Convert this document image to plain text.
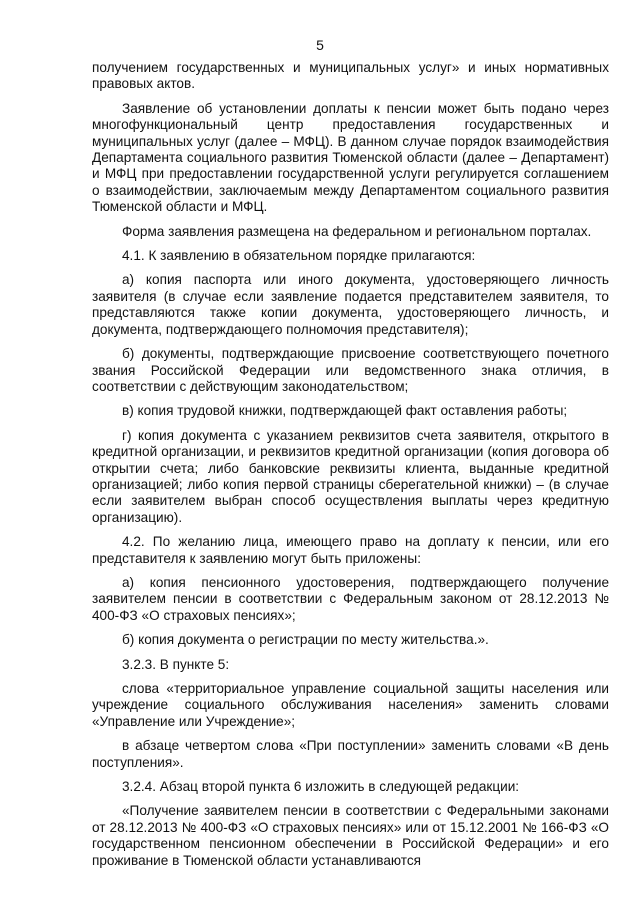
5

получением государственных и муниципальных услуг» и иных нормативных правовых актов.

Заявление об установлении доплаты к пенсии может быть подано через многофункциональный центр предоставления государственных и муниципальных услуг (далее – МФЦ). В данном случае порядок взаимодействия Департамента социального развития Тюменской области (далее – Департамент) и МФЦ при предоставлении государственной услуги регулируется соглашением о взаимодействии, заключаемым между Департаментом социального развития Тюменской области и МФЦ.

Форма заявления размещена на федеральном и региональном порталах.

4.1. К заявлению в обязательном порядке прилагаются:

а) копия паспорта или иного документа, удостоверяющего личность заявителя (в случае если заявление подается представителем заявителя, то представляются также копии документа, удостоверяющего личность, и документа, подтверждающего полномочия представителя);

б) документы, подтверждающие присвоение соответствующего почетного звания Российской Федерации или ведомственного знака отличия, в соответствии с действующим законодательством;

в) копия трудовой книжки, подтверждающей факт оставления работы;

г) копия документа с указанием реквизитов счета заявителя, открытого в кредитной организации, и реквизитов кредитной организации (копия договора об открытии счета; либо банковские реквизиты клиента, выданные кредитной организацией; либо копия первой страницы сберегательной книжки) – (в случае если заявителем выбран способ осуществления выплаты через кредитную организацию).

4.2. По желанию лица, имеющего право на доплату к пенсии, или его представителя к заявлению могут быть приложены:

а) копия пенсионного удостоверения, подтверждающего получение заявителем пенсии в соответствии с Федеральным законом от 28.12.2013 № 400-ФЗ «О страховых пенсиях»;

б) копия документа о регистрации по месту жительства.».

3.2.3. В пункте 5:

слова «территориальное управление социальной защиты населения или учреждение социального обслуживания населения» заменить словами «Управление или Учреждение»;

в абзаце четвертом слова «При поступлении» заменить словами «В день поступления».

3.2.4. Абзац второй пункта 6 изложить в следующей редакции:

«Получение заявителем пенсии в соответствии с Федеральными законами от 28.12.2013 № 400-ФЗ «О страховых пенсиях» или от 15.12.2001 № 166-ФЗ «О государственном пенсионном обеспечении в Российской Федерации» и его проживание в Тюменской области устанавливаются
